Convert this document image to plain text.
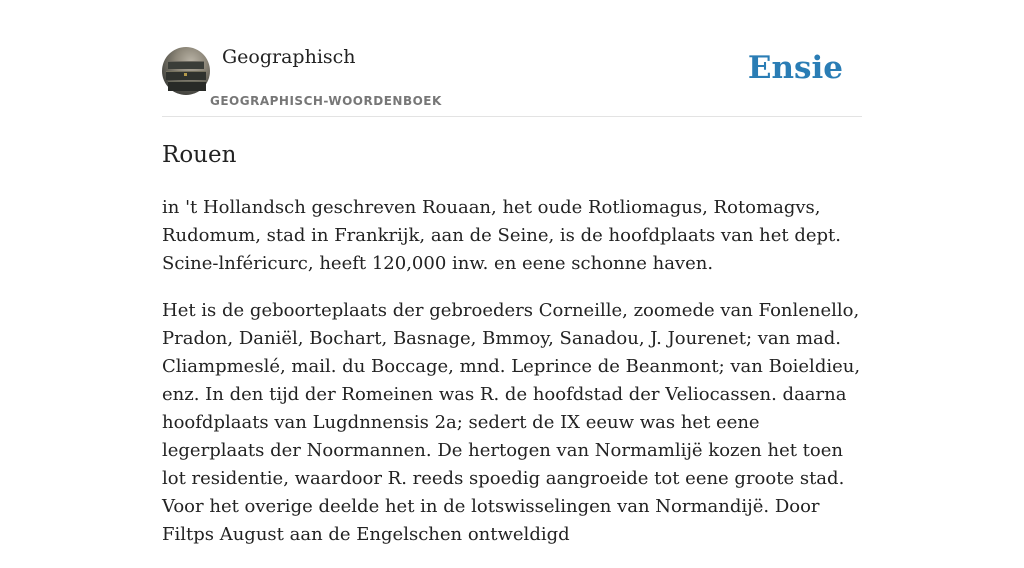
Geographisch
GEOGRAPHISCH-WOORDENBOEK
Ensie
Rouen

in 't Hollandsch geschreven Rouaan, het oude Rotliomagus, Rotomagvs, Rudomum, stad in Frankrijk, aan de Seine, is de hoofdplaats van het dept. Scine-lnféricurc, heeft 120,000 inw. en eene schonne haven.

Het is de geboorteplaats der gebroeders Corneille, zoomede van Fonlenello, Pradon, Daniël, Bochart, Basnage, Bmmoy, Sanadou, J. Jourenet; van mad. Cliampmeslé, mail. du Boccage, mnd. Leprince de Beanmont; van Boieldieu, enz. In den tijd der Romeinen was R. de hoofdstad der Veliocassen. daarna hoofdplaats van Lugdnnensis 2a; sedert de IX eeuw was het eene legerplaats der Noormannen. De hertogen van Normamlijë kozen het toen lot residentie, waardoor R. reeds spoedig aangroeide tot eene groote stad. Voor het overige deelde het in de lotswisselingen van Normandijë. Door Filtps August aan de Engelschen ontweldigd
